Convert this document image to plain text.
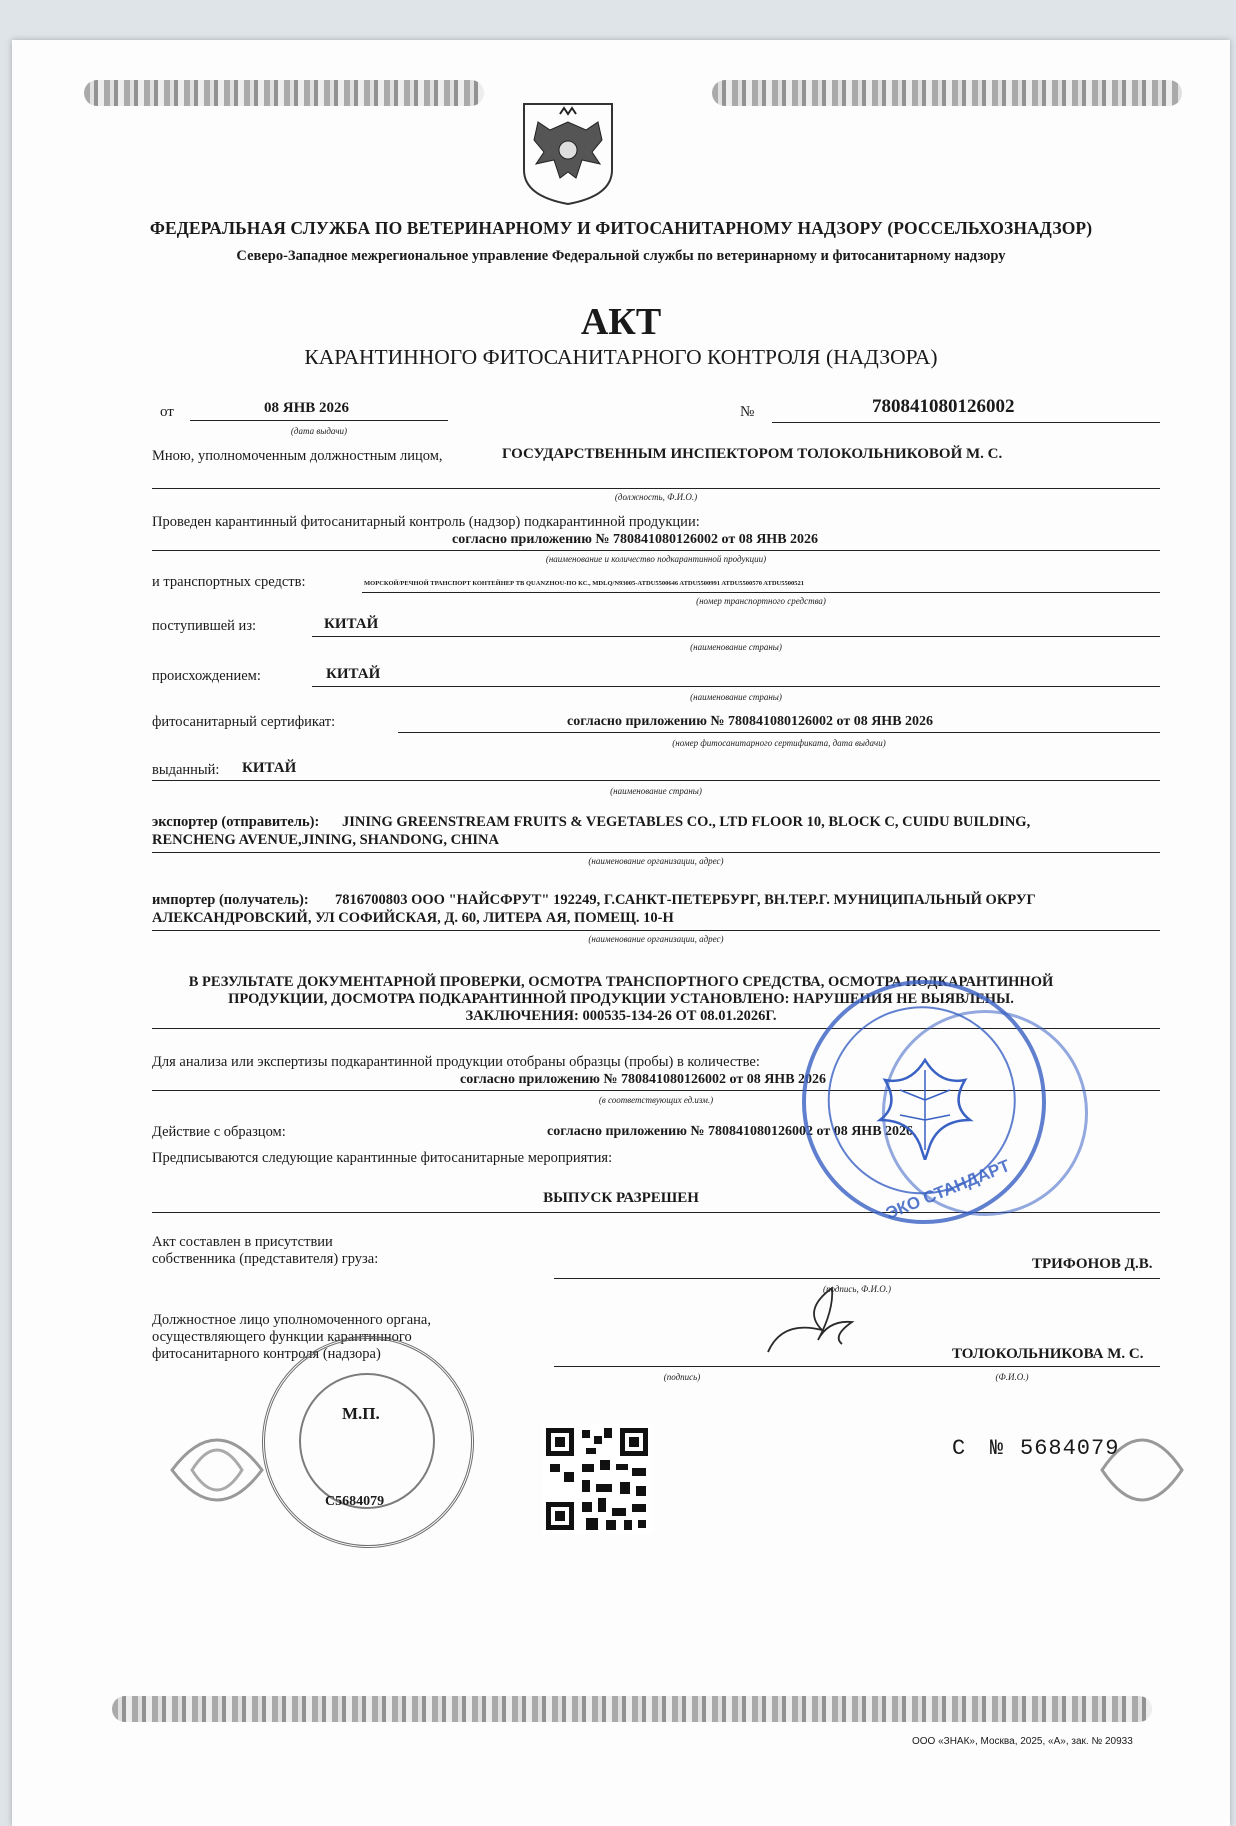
ФЕДЕРАЛЬНАЯ СЛУЖБА ПО ВЕТЕРИНАРНОМУ И ФИТОСАНИТАРНОМУ НАДЗОРУ (РОССЕЛЬХОЗНАДЗОР)
Северо-Западное межрегиональное управление Федеральной службы по ветеринарному и фитосанитарному надзору
АКТ
КАРАНТИННОГО ФИТОСАНИТАРНОГО КОНТРОЛЯ (НАДЗОРА)
от	08 ЯНВ 2026
(дата выдачи)
№	780841080126002
Мною, уполномоченным должностным лицом,	ГОСУДАРСТВЕННЫМ ИНСПЕКТОРОМ ТОЛОКОЛЬНИКОВОЙ М. С.
(должность, Ф.И.О.)
Проведен карантинный фитосанитарный контроль (надзор) подкарантинной продукции:
согласно приложению № 780841080126002 от 08 ЯНВ 2026
(наименование и количество подкарантинной продукции)
и транспортных средств:	МОРСКОЙ/РЕЧНОЙ ТРАНСПОРТ КОНТЕЙНЕР ТВ QUANZHOU-ПО КС., MDLQ/N93005-ATDU5500646 ATDU5500991 ATDU5500570 ATDU5500521
(номер транспортного средства)
поступившей из:	КИТАЙ
(наименование страны)
происхождением:	КИТАЙ
(наименование страны)
фитосанитарный сертификат:	согласно приложению № 780841080126002 от 08 ЯНВ 2026
(номер фитосанитарного сертификата, дата выдачи)
выданный: КИТАЙ
(наименование страны)
экспортер (отправитель): JINING GREENSTREAM FRUITS & VEGETABLES CO., LTD FLOOR 10, BLOCK C, CUIDU BUILDING,
RENCHENG AVENUE,JINING, SHANDONG, CHINA
(наименование организации, адрес)
импортер (получатель): 7816700803 ООО "НАЙСФРУТ" 192249, Г.САНКТ-ПЕТЕРБУРГ, ВН.ТЕР.Г. МУНИЦИПАЛЬНЫЙ ОКРУГ
АЛЕКСАНДРОВСКИЙ, УЛ СОФИЙСКАЯ, Д. 60, ЛИТЕРА АЯ, ПОМЕЩ. 10-Н
(наименование организации, адрес)
В РЕЗУЛЬТАТЕ ДОКУМЕНТАРНОЙ ПРОВЕРКИ, ОСМОТРА ТРАНСПОРТНОГО СРЕДСТВА, ОСМОТРА ПОДКАРАНТИННОЙ
ПРОДУКЦИИ, ДОСМОТРА ПОДКАРАНТИННОЙ ПРОДУКЦИИ УСТАНОВЛЕНО: НАРУШЕНИЯ НЕ ВЫЯВЛЕНЫ.
ЗАКЛЮЧЕНИЯ: 000535-134-26 ОТ 08.01.2026Г.
Для анализа или экспертизы подкарантинной продукции отобраны образцы (пробы) в количестве:
согласно приложению № 780841080126002 от 08 ЯНВ 2026
(в соответствующих ед.изм.)
Действие с образцом:	согласно приложению № 780841080126002 от 08 ЯНВ 2026
Предписываются следующие карантинные фитосанитарные мероприятия:
ВЫПУСК РАЗРЕШЕН
Акт составлен в присутствии
собственника (представителя) груза:	ТРИФОНОВ Д.В.
(подпись, Ф.И.О.)
Должностное лицо уполномоченного органа,
осуществляющего функции карантинного
фитосанитарного контроля (надзора)	ТОЛОКОЛЬНИКОВА М. С.
(подпись)	(Ф.И.О.)
М.П.
С5684079
С № 5684079
ООО «ЗНАК», Москва, 2025, «А», зак. № 20933
ЭКО СТАНДАРТ
